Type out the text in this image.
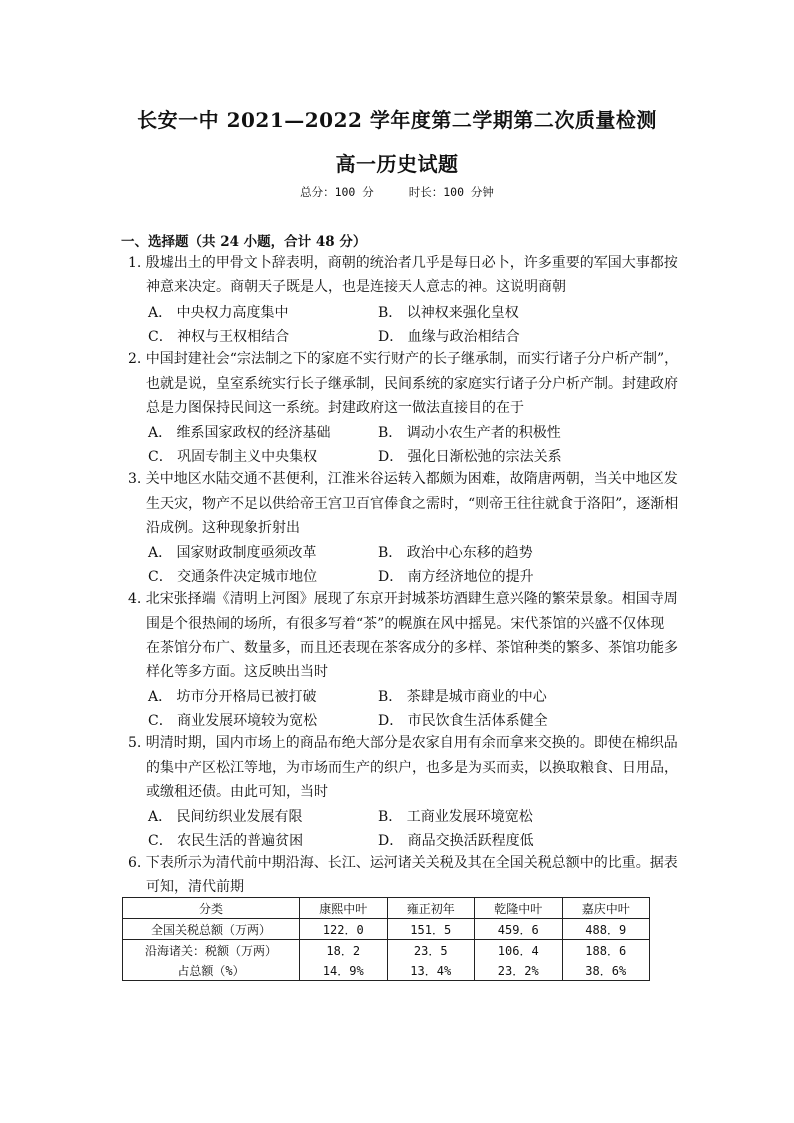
长安一中 2021—2022 学年度第二学期第二次质量检测
高一历史试题
总分：100 分	时长：100 分钟
一、选择题（共 24 小题，合计 48 分）
1. 殷墟出土的甲骨文卜辞表明，商朝的统治者几乎是每日必卜，许多重要的军国大事都按
神意来决定。商朝天子既是人，也是连接天人意志的神。这说明商朝
A． 中央权力高度集中	B． 以神权来强化皇权
C． 神权与王权相结合	D． 血缘与政治相结合
2. 中国封建社会“宗法制之下的家庭不实行财产的长子继承制，而实行诸子分户析产制”，
也就是说，皇室系统实行长子继承制，民间系统的家庭实行诸子分户析产制。封建政府
总是力图保持民间这一系统。封建政府这一做法直接目的在于
A． 维系国家政权的经济基础	B． 调动小农生产者的积极性
C． 巩固专制主义中央集权	D． 强化日渐松弛的宗法关系
3. 关中地区水陆交通不甚便利，江淮米谷运转入都颇为困难，故隋唐两朝，当关中地区发
生天灾，物产不足以供给帝王宫卫百官俸食之需时，“则帝王往往就食于洛阳”，逐渐相
沿成例。这种现象折射出
A． 国家财政制度亟须改革	B． 政治中心东移的趋势
C． 交通条件决定城市地位	D． 南方经济地位的提升
4. 北宋张择端《清明上河图》展现了东京开封城茶坊酒肆生意兴隆的繁荣景象。相国寺周
围是个很热闹的场所，有很多写着“茶”的幌旗在风中摇晃。宋代茶馆的兴盛不仅体现
在茶馆分布广、数量多，而且还表现在茶客成分的多样、茶馆种类的繁多、茶馆功能多
样化等多方面。这反映出当时
A． 坊市分开格局已被打破	B． 茶肆是城市商业的中心
C． 商业发展环境较为宽松	D． 市民饮食生活体系健全
5. 明清时期，国内市场上的商品布绝大部分是农家自用有余而拿来交换的。即使在棉织品
的集中产区松江等地，为市场而生产的织户，也多是为买而卖，以换取粮食、日用品，
或缴租还债。由此可知，当时
A． 民间纺织业发展有限	B． 工商业发展环境宽松
C． 农民生活的普遍贫困	D． 商品交换活跃程度低
6. 下表所示为清代前中期沿海、长江、运河诸关关税及其在全国关税总额中的比重。据表
可知，清代前期
分类	康熙中叶	雍正初年	乾隆中叶	嘉庆中叶
全国关税总额（万两）	122．0	151．5	459．6	488．9
沿海诸关：税额（万两）	18．2	23．5	106．4	188．6
占总额（%）	14．9%	13．4%	23．2%	38．6%
